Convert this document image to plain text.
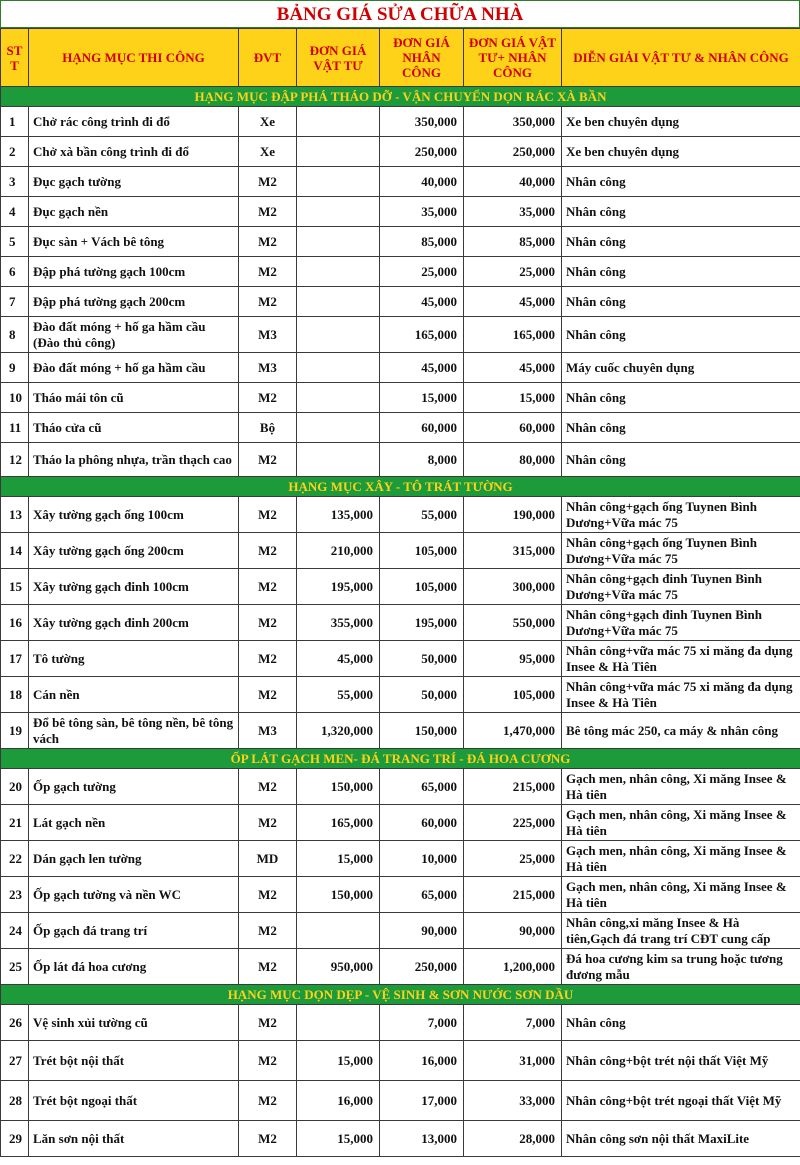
BẢNG GIÁ SỬA CHỮA NHÀ
ST T	HẠNG MỤC THI CÔNG	ĐVT	ĐƠN GIÁ VẬT TƯ	ĐƠN GIÁ NHÂN CÔNG	ĐƠN GIÁ VẬT TƯ+ NHÂN CÔNG	DIỄN GIẢI VẬT TƯ & NHÂN CÔNG
HẠNG MỤC ĐẬP PHÁ THÁO DỠ - VẬN CHUYỂN DỌN RÁC XÀ BẦN						
1	Chở rác công trình đi đổ	Xe		350,000	350,000	Xe ben chuyên dụng
2	Chở xà bần công trình đi đổ	Xe		250,000	250,000	Xe ben chuyên dụng
3	Đục gạch tường	M2		40,000	40,000	Nhân công
4	Đục gạch nền	M2		35,000	35,000	Nhân công
5	Đục sàn + Vách bê tông	M2		85,000	85,000	Nhân công
6	Đập phá tường gạch 100cm	M2		25,000	25,000	Nhân công
7	Đập phá tường gạch 200cm	M2		45,000	45,000	Nhân công
8	Đào đất móng + hố ga hầm cầu (Đào thủ công)	M3		165,000	165,000	Nhân công
9	Đào đất móng + hố ga hầm cầu	M3		45,000	45,000	Máy cuốc chuyên dụng
10	Tháo mái tôn cũ	M2		15,000	15,000	Nhân công
11	Tháo cửa cũ	Bộ		60,000	60,000	Nhân công
12	Tháo la phông nhựa, trần thạch cao	M2		8,000	80,000	Nhân công
HẠNG MỤC XÂY - TÔ TRÁT TƯỜNG						
13	Xây tường gạch ống 100cm	M2	135,000	55,000	190,000	Nhân công+gạch ống Tuynen Bình Dương+Vữa mác 75
14	Xây tường gạch ống 200cm	M2	210,000	105,000	315,000	Nhân công+gạch ống Tuynen Bình Dương+Vữa mác 75
15	Xây tường gạch đinh 100cm	M2	195,000	105,000	300,000	Nhân công+gạch đinh Tuynen Bình Dương+Vữa mác 75
16	Xây tường gạch đinh 200cm	M2	355,000	195,000	550,000	Nhân công+gạch đinh Tuynen Bình Dương+Vữa mác 75
17	Tô tường	M2	45,000	50,000	95,000	Nhân công+vữa mác 75 xi măng đa dụng Insee & Hà Tiên
18	Cán nền	M2	55,000	50,000	105,000	Nhân công+vữa mác 75 xi măng đa dụng Insee & Hà Tiên
19	Đổ bê tông sàn, bê tông nền, bê tông vách	M3	1,320,000	150,000	1,470,000	Bê tông mác 250, ca máy & nhân công
ỐP LÁT GẠCH MEN- ĐÁ TRANG TRÍ - ĐÁ HOA CƯƠNG						
20	Ốp gạch tường	M2	150,000	65,000	215,000	Gạch men, nhân công, Xi măng Insee & Hà tiên
21	Lát gạch nền	M2	165,000	60,000	225,000	Gạch men, nhân công, Xi măng Insee & Hà tiên
22	Dán gạch len tường	MD	15,000	10,000	25,000	Gạch men, nhân công, Xi măng Insee & Hà tiên
23	Ốp gạch tường và nền WC	M2	150,000	65,000	215,000	Gạch men, nhân công, Xi măng Insee & Hà tiên
24	Ốp gạch đá trang trí	M2		90,000	90,000	Nhân công,xi măng Insee & Hà tiên,Gạch đá trang trí CĐT cung cấp
25	Ốp lát đá hoa cương	M2	950,000	250,000	1,200,000	Đá hoa cương kim sa trung hoặc tương đương mẫu
HẠNG MỤC DỌN DẸP - VỆ SINH & SƠN NƯỚC SƠN DẦU						
26	Vệ sinh xủi tường cũ	M2		7,000	7,000	Nhân công
27	Trét bột nội thất	M2	15,000	16,000	31,000	Nhân công+bột trét nội thất Việt Mỹ
28	Trét bột ngoại thất	M2	16,000	17,000	33,000	Nhân công+bột trét ngoại thất Việt Mỹ
29	Lăn sơn nội thất	M2	15,000	13,000	28,000	Nhân công sơn nội thất MaxiLite
